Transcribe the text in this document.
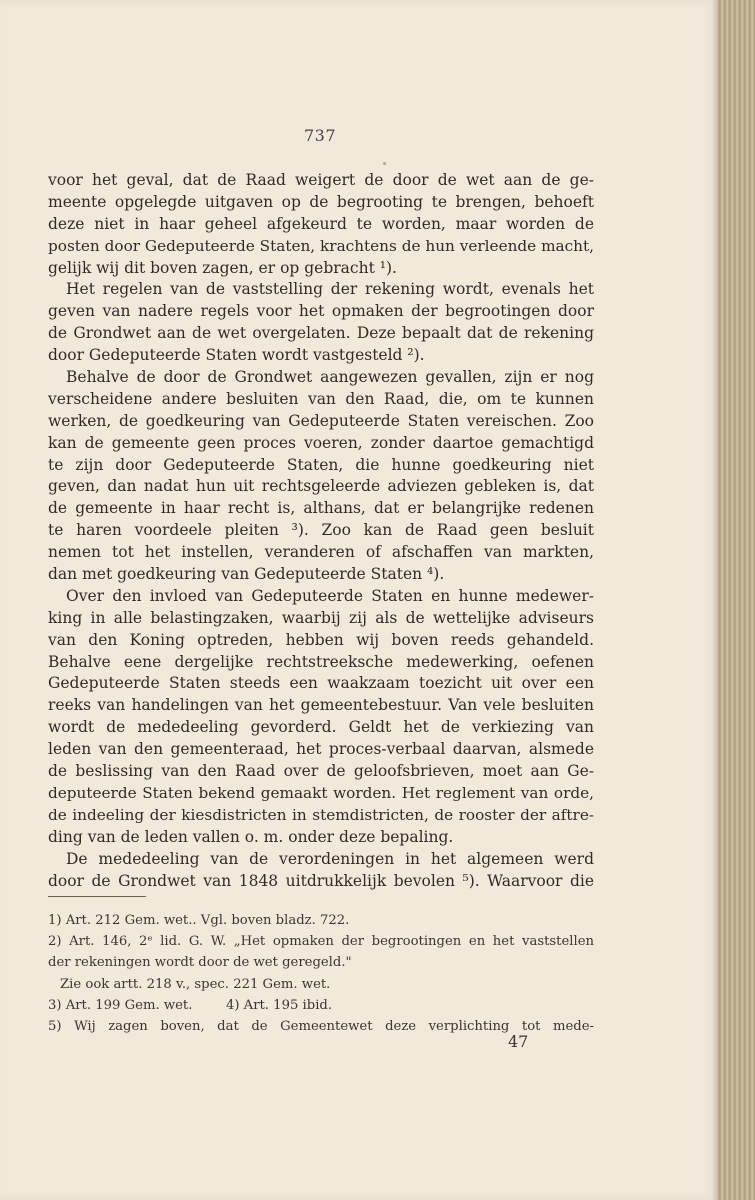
737
voor het geval, dat de Raad weigert de door de wet aan de ge-
meente opgelegde uitgaven op de begrooting te brengen, behoeft
deze niet in haar geheel afgekeurd te worden, maar worden de
posten door Gedeputeerde Staten, krachtens de hun verleende macht,
gelijk wij dit boven zagen, er op gebracht ¹).
Het regelen van de vaststelling der rekening wordt, evenals het
geven van nadere regels voor het opmaken der begrootingen door
de Grondwet aan de wet overgelaten. Deze bepaalt dat de rekening
door Gedeputeerde Staten wordt vastgesteld ²).
Behalve de door de Grondwet aangewezen gevallen, zijn er nog
verscheidene andere besluiten van den Raad, die, om te kunnen
werken, de goedkeuring van Gedeputeerde Staten vereischen. Zoo
kan de gemeente geen proces voeren, zonder daartoe gemachtigd
te zijn door Gedeputeerde Staten, die hunne goedkeuring niet
geven, dan nadat hun uit rechtsgeleerde adviezen gebleken is, dat
de gemeente in haar recht is, althans, dat er belangrijke redenen
te haren voordeele pleiten ³). Zoo kan de Raad geen besluit
nemen tot het instellen, veranderen of afschaffen van markten,
dan met goedkeuring van Gedeputeerde Staten ⁴).
Over den invloed van Gedeputeerde Staten en hunne medewer-
king in alle belastingzaken, waarbij zij als de wettelijke adviseurs
van den Koning optreden, hebben wij boven reeds gehandeld.
Behalve eene dergelijke rechtstreeksche medewerking, oefenen
Gedeputeerde Staten steeds een waakzaam toezicht uit over een
reeks van handelingen van het gemeentebestuur. Van vele besluiten
wordt de mededeeling gevorderd. Geldt het de verkiezing van
leden van den gemeenteraad, het proces-verbaal daarvan, alsmede
de beslissing van den Raad over de geloofsbrieven, moet aan Ge-
deputeerde Staten bekend gemaakt worden. Het reglement van orde,
de indeeling der kiesdistricten in stemdistricten, de rooster der aftre-
ding van de leden vallen o. m. onder deze bepaling.
De mededeeling van de verordeningen in het algemeen werd
door de Grondwet van 1848 uitdrukkelijk bevolen ⁵). Waarvoor die
1) Art. 212 Gem. wet.. Vgl. boven bladz. 722.
2) Art. 146, 2ᵉ lid. G. W. „Het opmaken der begrootingen en het vaststellen
der rekeningen wordt door de wet geregeld."
Zie ook artt. 218 v., spec. 221 Gem. wet.
3) Art. 199 Gem. wet.        4) Art. 195 ibid.
5) Wij zagen boven, dat de Gemeentewet deze verplichting tot mede-
47
